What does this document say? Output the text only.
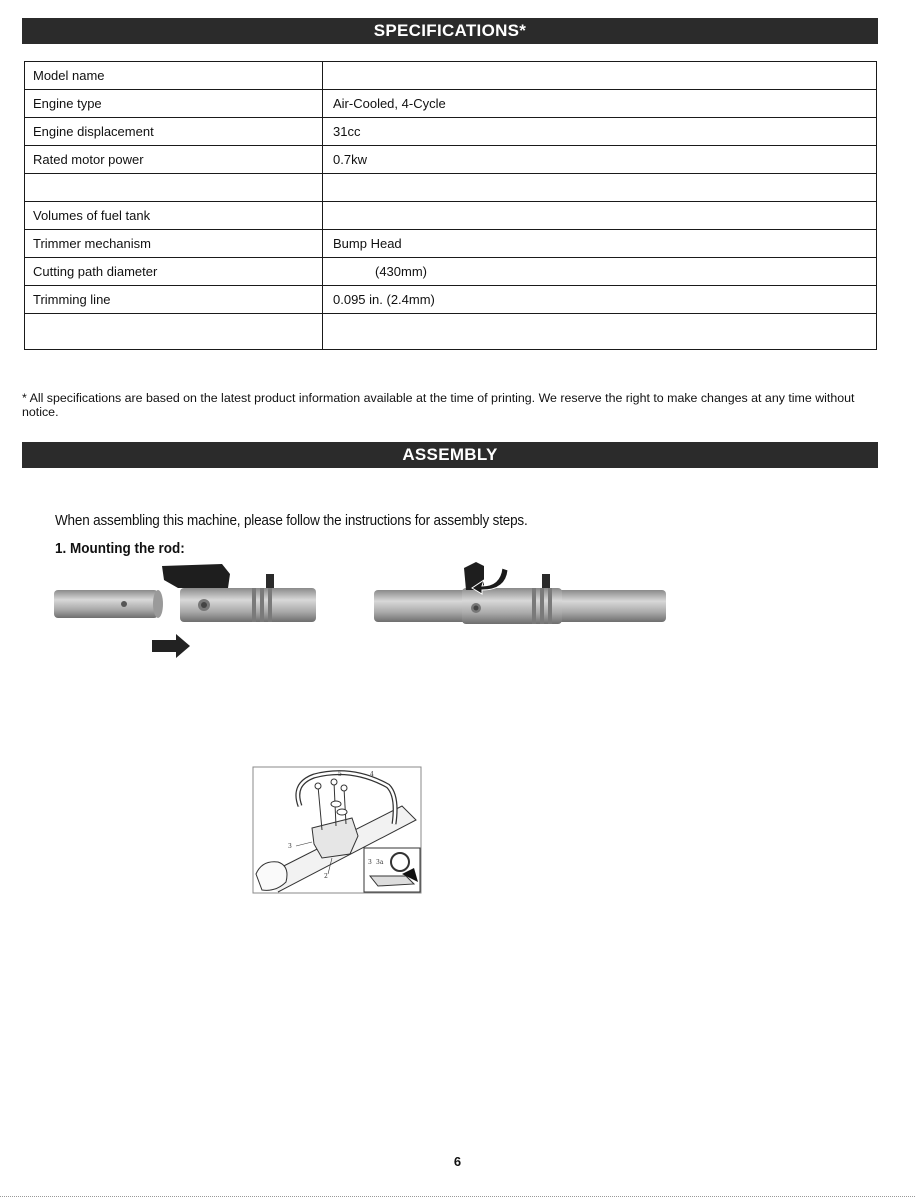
SPECIFICATIONS*
Model name	
Engine type	Air-Cooled, 4-Cycle
Engine displacement	31cc
Rated motor power	0.7kw

Volumes of fuel tank	
Trimmer mechanism	Bump Head
Cutting path diameter	(430mm)
Trimming line	0.095 in. (2.4mm)

* All specifications are based on the latest product information available at the time of printing. We reserve the right to make changes at any time without notice.
ASSEMBLY
When assembling this machine, please follow the instructions for assembly steps.
1. Mounting the rod:
3
2
5	4
3 3a
6
